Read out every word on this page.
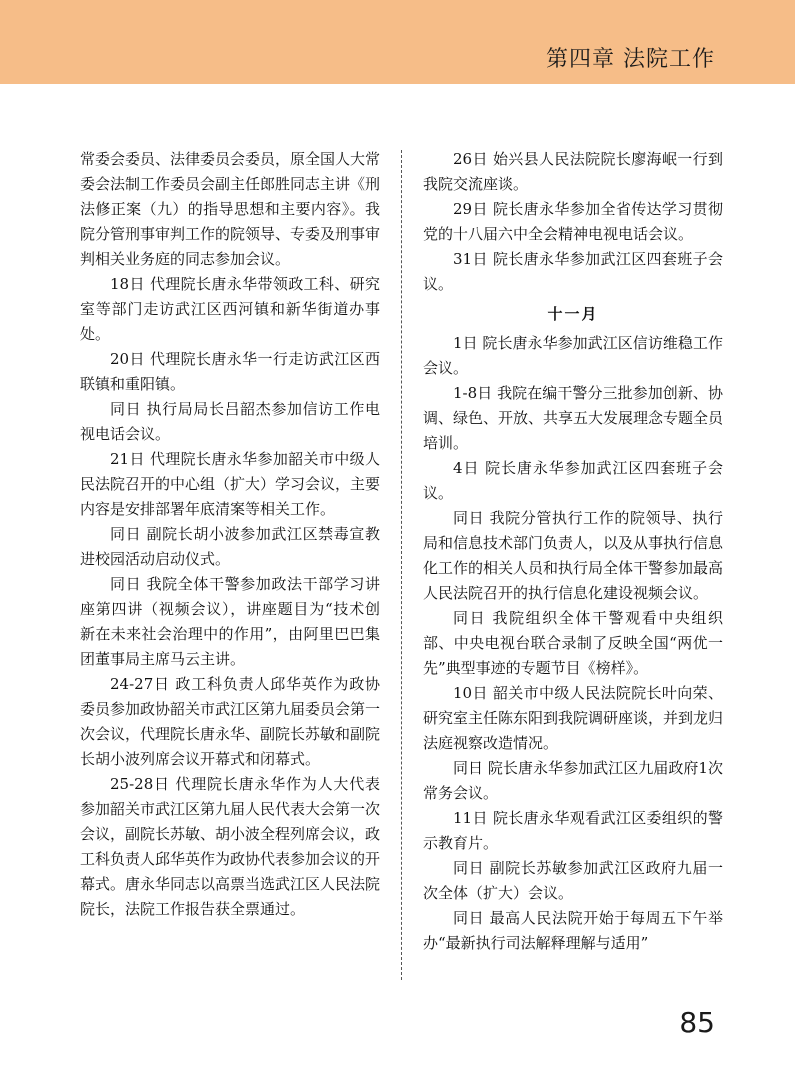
第四章 法院工作

常委会委员、法律委员会委员，原全国人大常委会法制工作委员会副主任郎胜同志主讲《刑法修正案（九）的指导思想和主要内容》。我院分管刑事审判工作的院领导、专委及刑事审判相关业务庭的同志参加会议。

18日 代理院长唐永华带领政工科、研究室等部门走访武江区西河镇和新华街道办事处。

20日 代理院长唐永华一行走访武江区西联镇和重阳镇。

同日 执行局局长吕韶杰参加信访工作电视电话会议。

21日 代理院长唐永华参加韶关市中级人民法院召开的中心组（扩大）学习会议，主要内容是安排部署年底清案等相关工作。

同日 副院长胡小波参加武江区禁毒宣教进校园活动启动仪式。

同日 我院全体干警参加政法干部学习讲座第四讲（视频会议），讲座题目为“技术创新在未来社会治理中的作用”，由阿里巴巴集团董事局主席马云主讲。

24-27日 政工科负责人邱华英作为政协委员参加政协韶关市武江区第九届委员会第一次会议，代理院长唐永华、副院长苏敏和副院长胡小波列席会议开幕式和闭幕式。

25-28日 代理院长唐永华作为人大代表参加韶关市武江区第九届人民代表大会第一次会议，副院长苏敏、胡小波全程列席会议，政工科负责人邱华英作为政协代表参加会议的开幕式。唐永华同志以高票当选武江区人民法院院长，法院工作报告获全票通过。

26日 始兴县人民法院院长廖海岷一行到我院交流座谈。

29日 院长唐永华参加全省传达学习贯彻党的十八届六中全会精神电视电话会议。

31日 院长唐永华参加武江区四套班子会议。

十一月

1日 院长唐永华参加武江区信访维稳工作会议。

1-8日 我院在编干警分三批参加创新、协调、绿色、开放、共享五大发展理念专题全员培训。

4日 院长唐永华参加武江区四套班子会议。

同日 我院分管执行工作的院领导、执行局和信息技术部门负责人，以及从事执行信息化工作的相关人员和执行局全体干警参加最高人民法院召开的执行信息化建设视频会议。

同日 我院组织全体干警观看中央组织部、中央电视台联合录制了反映全国“两优一先”典型事迹的专题节目《榜样》。

10日 韶关市中级人民法院院长叶向荣、研究室主任陈东阳到我院调研座谈，并到龙归法庭视察改造情况。

同日 院长唐永华参加武江区九届政府1次常务会议。

11日 院长唐永华观看武江区委组织的警示教育片。

同日 副院长苏敏参加武江区政府九届一次全体（扩大）会议。

同日 最高人民法院开始于每周五下午举办“最新执行司法解释理解与适用”

85
